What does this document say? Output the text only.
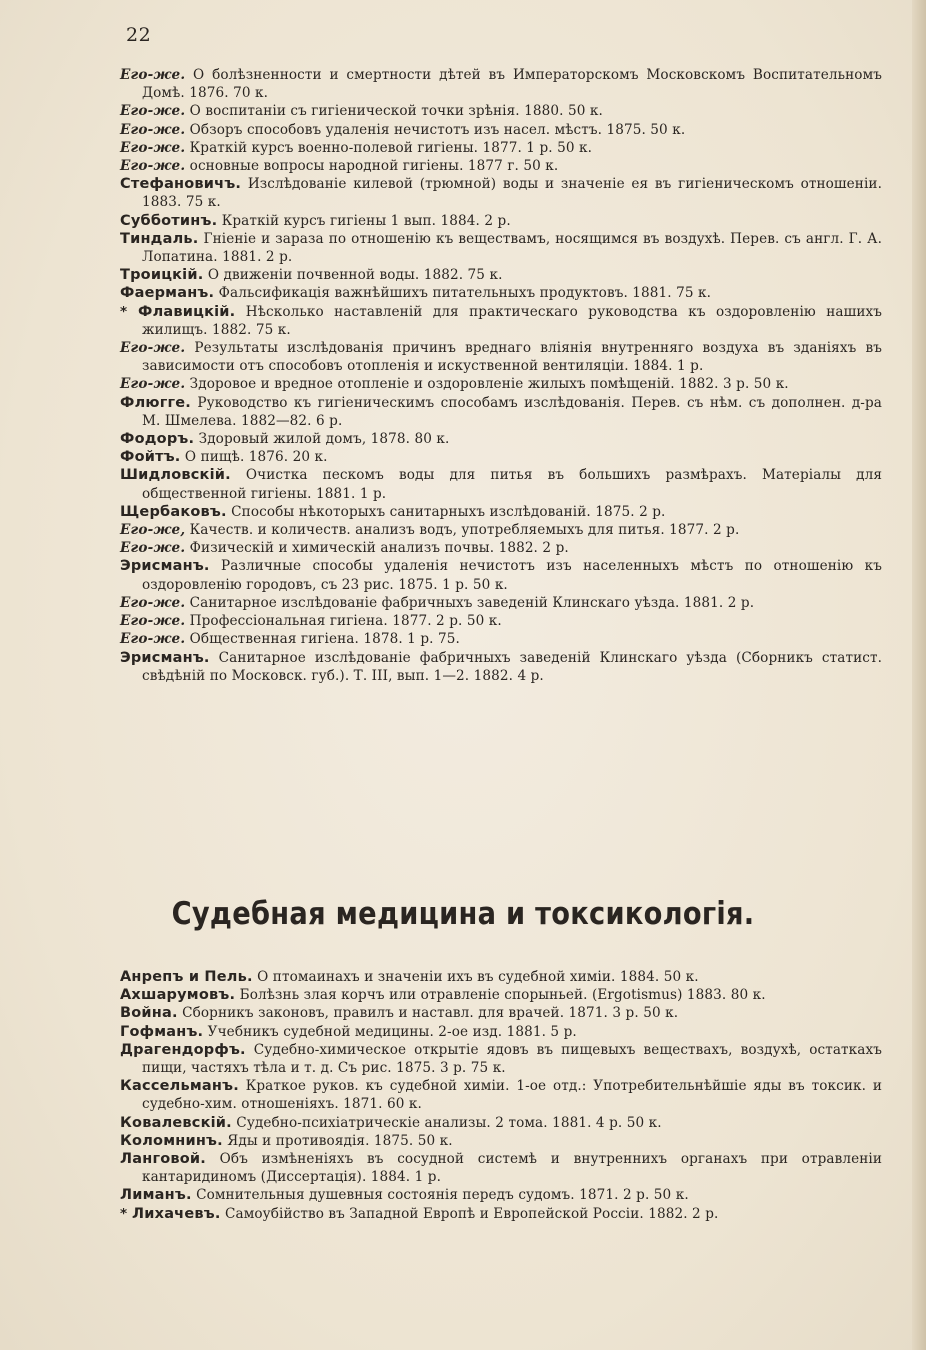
22

Его-же. О болѣзненности и смертности дѣтей въ Императорскомъ Московскомъ Воспитательномъ Домѣ. 1876. 70 к.

Его-же. О воспитаніи съ гигіенической точки зрѣнія. 1880. 50 к.

Его-же. Обзоръ способовъ удаленія нечистотъ изъ насел. мѣстъ. 1875. 50 к.

Его-же. Краткій курсъ военно-полевой гигіены. 1877. 1 р. 50 к.

Его-же. основные вопросы народной гигіены. 1877 г. 50 к.

Стефановичъ. Изслѣдованіе килевой (трюмной) воды и значеніе ея въ гигіеническомъ отношеніи. 1883. 75 к.

Субботинъ. Краткій курсъ гигіены 1 вып. 1884. 2 р.

Тиндаль. Гніеніе и зараза по отношенію къ веществамъ, носящимся въ воздухѣ. Перев. съ англ. Г. А. Лопатина. 1881. 2 р.

Троицкій. О движеніи почвенной воды. 1882. 75 к.

Фаерманъ. Фальсификація важнѣйшихъ питательныхъ продуктовъ. 1881. 75 к.

* Флавицкій. Нѣсколько наставленій для практическаго руководства къ оздоровленію нашихъ жилищъ. 1882. 75 к.

Его-же. Результаты изслѣдованія причинъ вреднаго вліянія внутренняго воздуха въ зданіяхъ въ зависимости отъ способовъ отопленія и искуственной вентиляціи. 1884. 1 р.

Его-же. Здоровое и вредное отопленіе и оздоровленіе жилыхъ помѣщеній. 1882. 3 р. 50 к.

Флюгге. Руководство къ гигіеническимъ способамъ изслѣдованія. Перев. съ нѣм. съ дополнен. д-ра М. Шмелева. 1882—82. 6 р.

Фодоръ. Здоровый жилой домъ, 1878. 80 к.

Фойтъ. О пищѣ. 1876. 20 к.

Шидловскій. Очистка пескомъ воды для питья въ большихъ размѣрахъ. Матеріалы для общественной гигіены. 1881. 1 р.

Щербаковъ. Способы нѣкоторыхъ санитарныхъ изслѣдованій. 1875. 2 р.

Его-же, Качеств. и количеств. анализъ водъ, употребляемыхъ для питья. 1877. 2 р.

Его-же. Физическій и химическій анализъ почвы. 1882. 2 р.

Эрисманъ. Различные способы удаленія нечистотъ изъ населенныхъ мѣстъ по отношенію къ оздоровленію городовъ, съ 23 рис. 1875. 1 р. 50 к.

Его-же. Санитарное изслѣдованіе фабричныхъ заведеній Клинскаго уѣзда. 1881. 2 р.

Его-же. Профессіональная гигіена. 1877. 2 р. 50 к.

Его-же. Общественная гигіена. 1878. 1 р. 75.

Эрисманъ. Санитарное изслѣдованіе фабричныхъ заведеній Клинскаго уѣзда (Сборникъ статист. свѣдѣній по Московск. губ.). Т. III, вып. 1—2. 1882. 4 р.

Судебная медицина и токсикологія.

Анрепъ и Пель. О птомаинахъ и значеніи ихъ въ судебной химіи. 1884. 50 к.

Ахшарумовъ. Болѣзнь злая корчъ или отравленіе спорыньей. (Ergotismus) 1883. 80 к.

Война. Сборникъ законовъ, правилъ и наставл. для врачей. 1871. 3 р. 50 к.

Гофманъ. Учебникъ судебной медицины. 2-ое изд. 1881. 5 р.

Драгендорфъ. Судебно-химическое открытіе ядовъ въ пищевыхъ веществахъ, воздухѣ, остаткахъ пищи, частяхъ тѣла и т. д. Съ рис. 1875. 3 р. 75 к.

Кассельманъ. Краткое руков. къ судебной химіи. 1-ое отд.: Употребительнѣйшіе яды въ токсик. и судебно-хим. отношеніяхъ. 1871. 60 к.

Ковалевскій. Судебно-психіатрическіе анализы. 2 тома. 1881. 4 р. 50 к.

Коломнинъ. Яды и противоядія. 1875. 50 к.

Ланговой. Объ измѣненіяхъ въ сосудной системѣ и внутреннихъ органахъ при отравленіи кантаридиномъ (Диссертація). 1884. 1 р.

Лиманъ. Сомнительныя душевныя состоянія передъ судомъ. 1871. 2 р. 50 к.

* Лихачевъ. Самоубійство въ Западной Европѣ и Европейской Россіи. 1882. 2 р.
